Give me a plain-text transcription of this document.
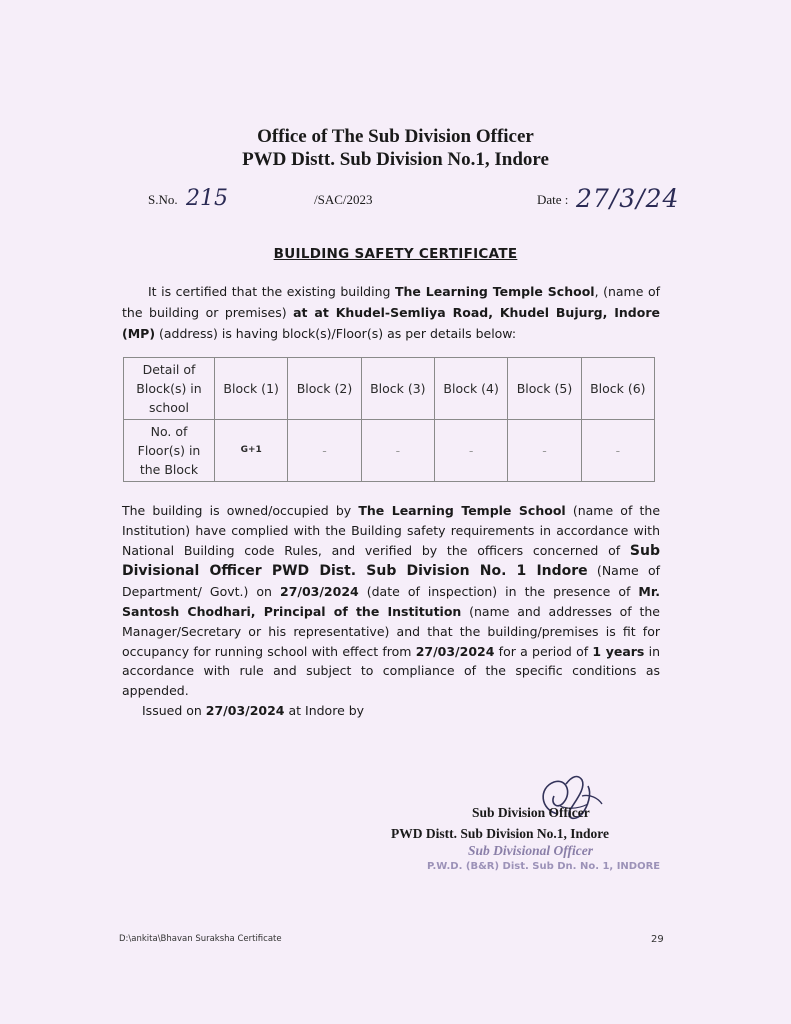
Office of The Sub Division Officer
PWD Distt. Sub Division No.1, Indore
S.No. 215	/SAC/2023	Date : 27/3/24
BUILDING SAFETY CERTIFICATE
It is certified that the existing building The Learning Temple School, (name of the building or premises) at at Khudel-Semliya Road, Khudel Bujurg, Indore (MP) (address) is having block(s)/Floor(s) as per details below:
Detail of Block(s) in school	Block (1)	Block (2)	Block (3)	Block (4)	Block (5)	Block (6)
No. of Floor(s) in the Block	G+1	-	-	-	-	-
The building is owned/occupied by The Learning Temple School (name of the Institution) have complied with the Building safety requirements in accordance with National Building code Rules, and verified by the officers concerned of Sub Divisional Officer PWD Dist. Sub Division No. 1 Indore (Name of Department/ Govt.) on 27/03/2024 (date of inspection) in the presence of Mr. Santosh Chodhari, Principal of the Institution (name and addresses of the Manager/Secretary or his representative) and that the building/premises is fit for occupancy for running school with effect from 27/03/2024 for a period of 1 years in accordance with rule and subject to compliance of the specific conditions as appended.
Issued on 27/03/2024 at Indore by
Sub Division Officer
PWD Distt. Sub Division No.1, Indore
Sub Divisional Officer
P.W.D. (B&R) Dist. Sub Dn. No. 1, INDORE
D:\ankita\Bhavan Suraksha Certificate	29
